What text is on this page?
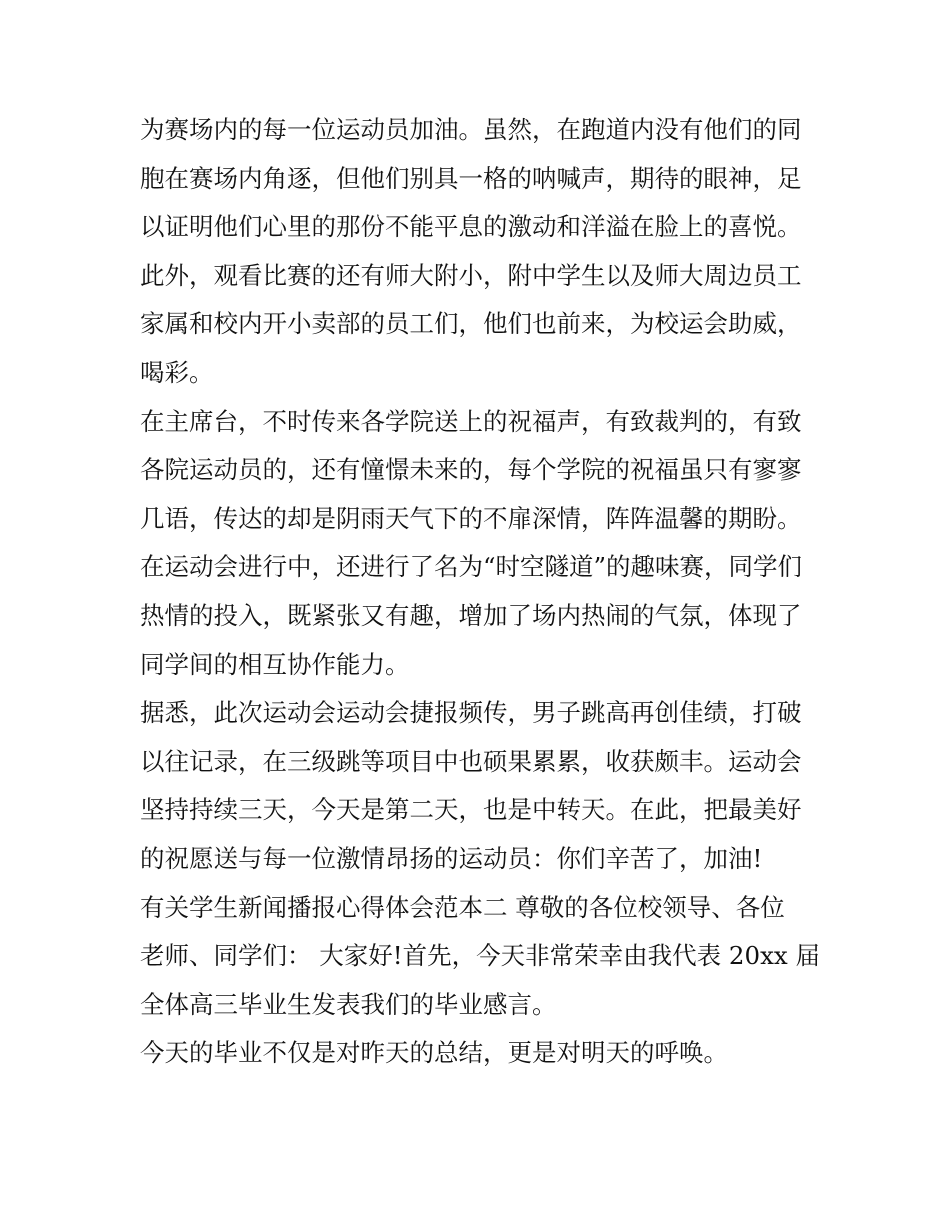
为赛场内的每一位运动员加油。虽然，在跑道内没有他们的同
胞在赛场内角逐，但他们别具一格的呐喊声，期待的眼神，足
以证明他们心里的那份不能平息的激动和洋溢在脸上的喜悦。
此外，观看比赛的还有师大附小，附中学生以及师大周边员工
家属和校内开小卖部的员工们，他们也前来，为校运会助威，
喝彩。
在主席台，不时传来各学院送上的祝福声，有致裁判的，有致
各院运动员的，还有憧憬未来的，每个学院的祝福虽只有寥寥
几语，传达的却是阴雨天气下的不扉深情，阵阵温馨的期盼。
在运动会进行中，还进行了名为“时空隧道”的趣味赛，同学们
热情的投入，既紧张又有趣，增加了场内热闹的气氛，体现了
同学间的相互协作能力。
据悉，此次运动会运动会捷报频传，男子跳高再创佳绩，打破
以往记录，在三级跳等项目中也硕果累累，收获颇丰。运动会
坚持持续三天，今天是第二天，也是中转天。在此，把最美好
的祝愿送与每一位激情昂扬的运动员：你们辛苦了，加油!
有关学生新闻播报心得体会范本二 尊敬的各位校领导、各位
老师、同学们： 大家好!首先，今天非常荣幸由我代表 20xx 届
全体高三毕业生发表我们的毕业感言。
今天的毕业不仅是对昨天的总结，更是对明天的呼唤。
